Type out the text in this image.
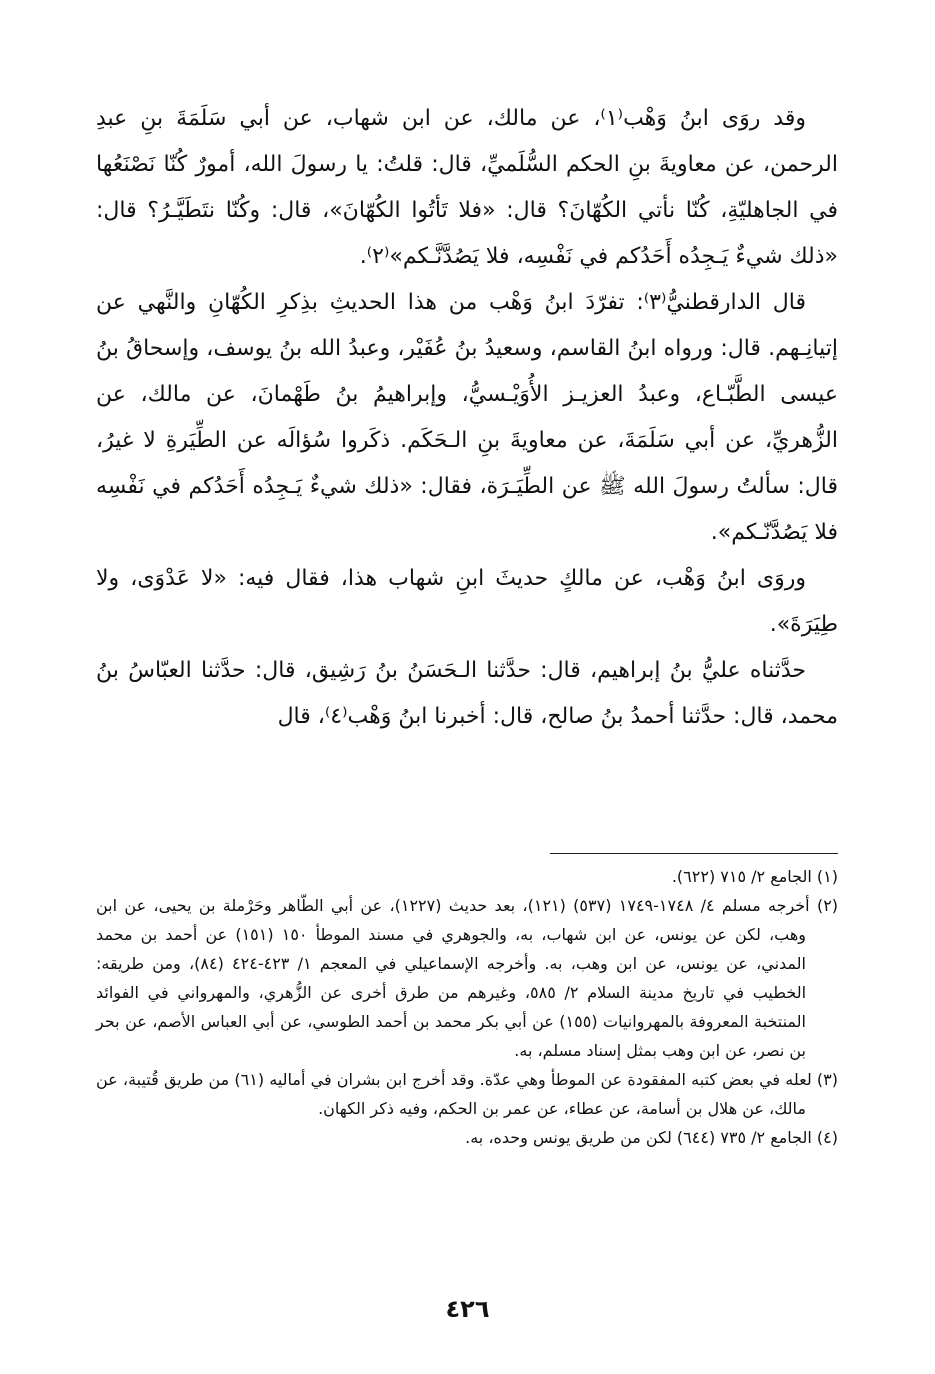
وقد روَى ابنُ وَهْب⁽١⁾، عن مالك، عن ابن شهاب، عن أبي سَلَمَةَ بنِ عبدِ الرحمن، عن معاويةَ بنِ الحكم السُّلَميِّ، قال: قلتُ: يا رسولَ الله، أمورٌ كُنّا نَصْنَعُها في الجاهليّةِ، كُنّا نأتي الكُهّانَ؟ قال: «فلا تَأتُوا الكُهّانَ»، قال: وكُنّا نتَطَيَّـرُ؟ قال: «ذلك شيءٌ يَـجِدُه أَحَدُكم في نَفْسِه، فلا يَصُدَّنَّـكم»⁽٢⁾.

قال الدارقطنيُّ⁽٣⁾: تفرّدَ ابنُ وَهْب من هذا الحديثِ بذِكرِ الكُهّانِ والنَّهي عن إتيانِـهم. قال: ورواه ابنُ القاسم، وسعيدُ بنُ عُفَيْر، وعبدُ الله بنُ يوسف، وإسحاقُ بنُ عيسى الطَّبّـاع، وعبدُ العزيـز الأُوَيْـسيُّ، وإبراهيمُ بنُ طَهْمانَ، عن مالك، عن الزُّهريِّ، عن أبي سَلَمَةَ، عن معاويةَ بنِ الـحَكَم. ذكَروا سُؤالَه عن الطِّيَرةِ لا غيرُ، قال: سألتُ رسولَ الله ﷺ عن الطِّيَـرَة، فقال: «ذلك شيءٌ يَـجِدُه أَحَدُكم في نَفْسِه فلا يَصُدَّنّـكم».

وروَى ابنُ وَهْب، عن مالكٍ حديثَ ابنِ شهاب هذا، فقال فيه: «لا عَدْوَى، ولا طِيَرَةَ».

حدَّثناه عليُّ بنُ إبراهيم، قال: حدَّثنا الـحَسَنُ بنُ رَشِيق، قال: حدَّثنا العبّاسُ بنُ محمد، قال: حدَّثنا أحمدُ بنُ صالح، قال: أخبرنا ابنُ وَهْب⁽٤⁾، قال

(١) الجامع ٢/ ٧١٥ (٦٢٢).

(٢) أخرجه مسلم ٤/ ١٧٤٨-١٧٤٩ (٥٣٧) (١٢١)، بعد حديث (١٢٢٧)، عن أبي الطّاهر وحَرْملة بن يحيى، عن ابن وهب، لكن عن يونس، عن ابن شهاب، به، والجوهري في مسند الموطأ ١٥٠ (١٥١) عن أحمد بن محمد المدني، عن يونس، عن ابن وهب، به. وأخرجه الإسماعيلي في المعجم ١/ ٤٢٣-٤٢٤ (٨٤)، ومن طريقه: الخطيب في تاريخ مدينة السلام ٢/ ٥٨٥، وغيرهم من طرق أخرى عن الزُّهري، والمهرواني في الفوائد المنتخبة المعروفة بالمهروانيات (١٥٥) عن أبي بكر محمد بن أحمد الطوسي، عن أبي العباس الأصم، عن بحر بن نصر، عن ابن وهب بمثل إسناد مسلم، به.

(٣) لعله في بعض كتبه المفقودة عن الموطأ وهي عدّة. وقد أخرج ابن بشران في أماليه (٦١) من طريق قُتيبة، عن مالك، عن هلال بن أسامة، عن عطاء، عن عمر بن الحكم، وفيه ذكر الكهان.

(٤) الجامع ٢/ ٧٣٥ (٦٤٤) لكن من طريق يونس وحده، به.

٤٢٦
